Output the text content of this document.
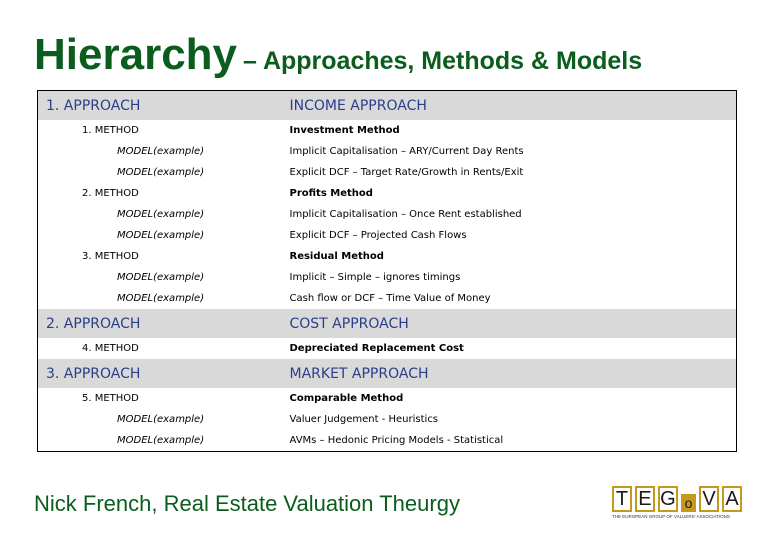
Hierarchy – Approaches, Methods & Models
1. APPROACH	INCOME APPROACH
1. METHOD	Investment Method
MODEL(example)	Implicit Capitalisation – ARY/Current Day Rents
MODEL(example)	Explicit DCF – Target Rate/Growth in Rents/Exit
2. METHOD	Profits Method
MODEL(example)	Implicit Capitalisation – Once Rent established
MODEL(example)	Explicit DCF – Projected Cash Flows
3. METHOD	Residual Method
MODEL(example)	Implicit – Simple – ignores timings
MODEL(example)	Cash flow or DCF – Time Value of Money
2. APPROACH	COST APPROACH
4. METHOD	Depreciated Replacement Cost
3. APPROACH	MARKET APPROACH
5. METHOD	Comparable Method
MODEL(example)	Valuer Judgement - Heuristics
MODEL(example)	AVMs – Hedonic Pricing Models - Statistical
Nick French, Real Estate Valuation Theurgy	T E G o V A
THE EUROPEAN GROUP OF VALUERS' ASSOCIATIONS
